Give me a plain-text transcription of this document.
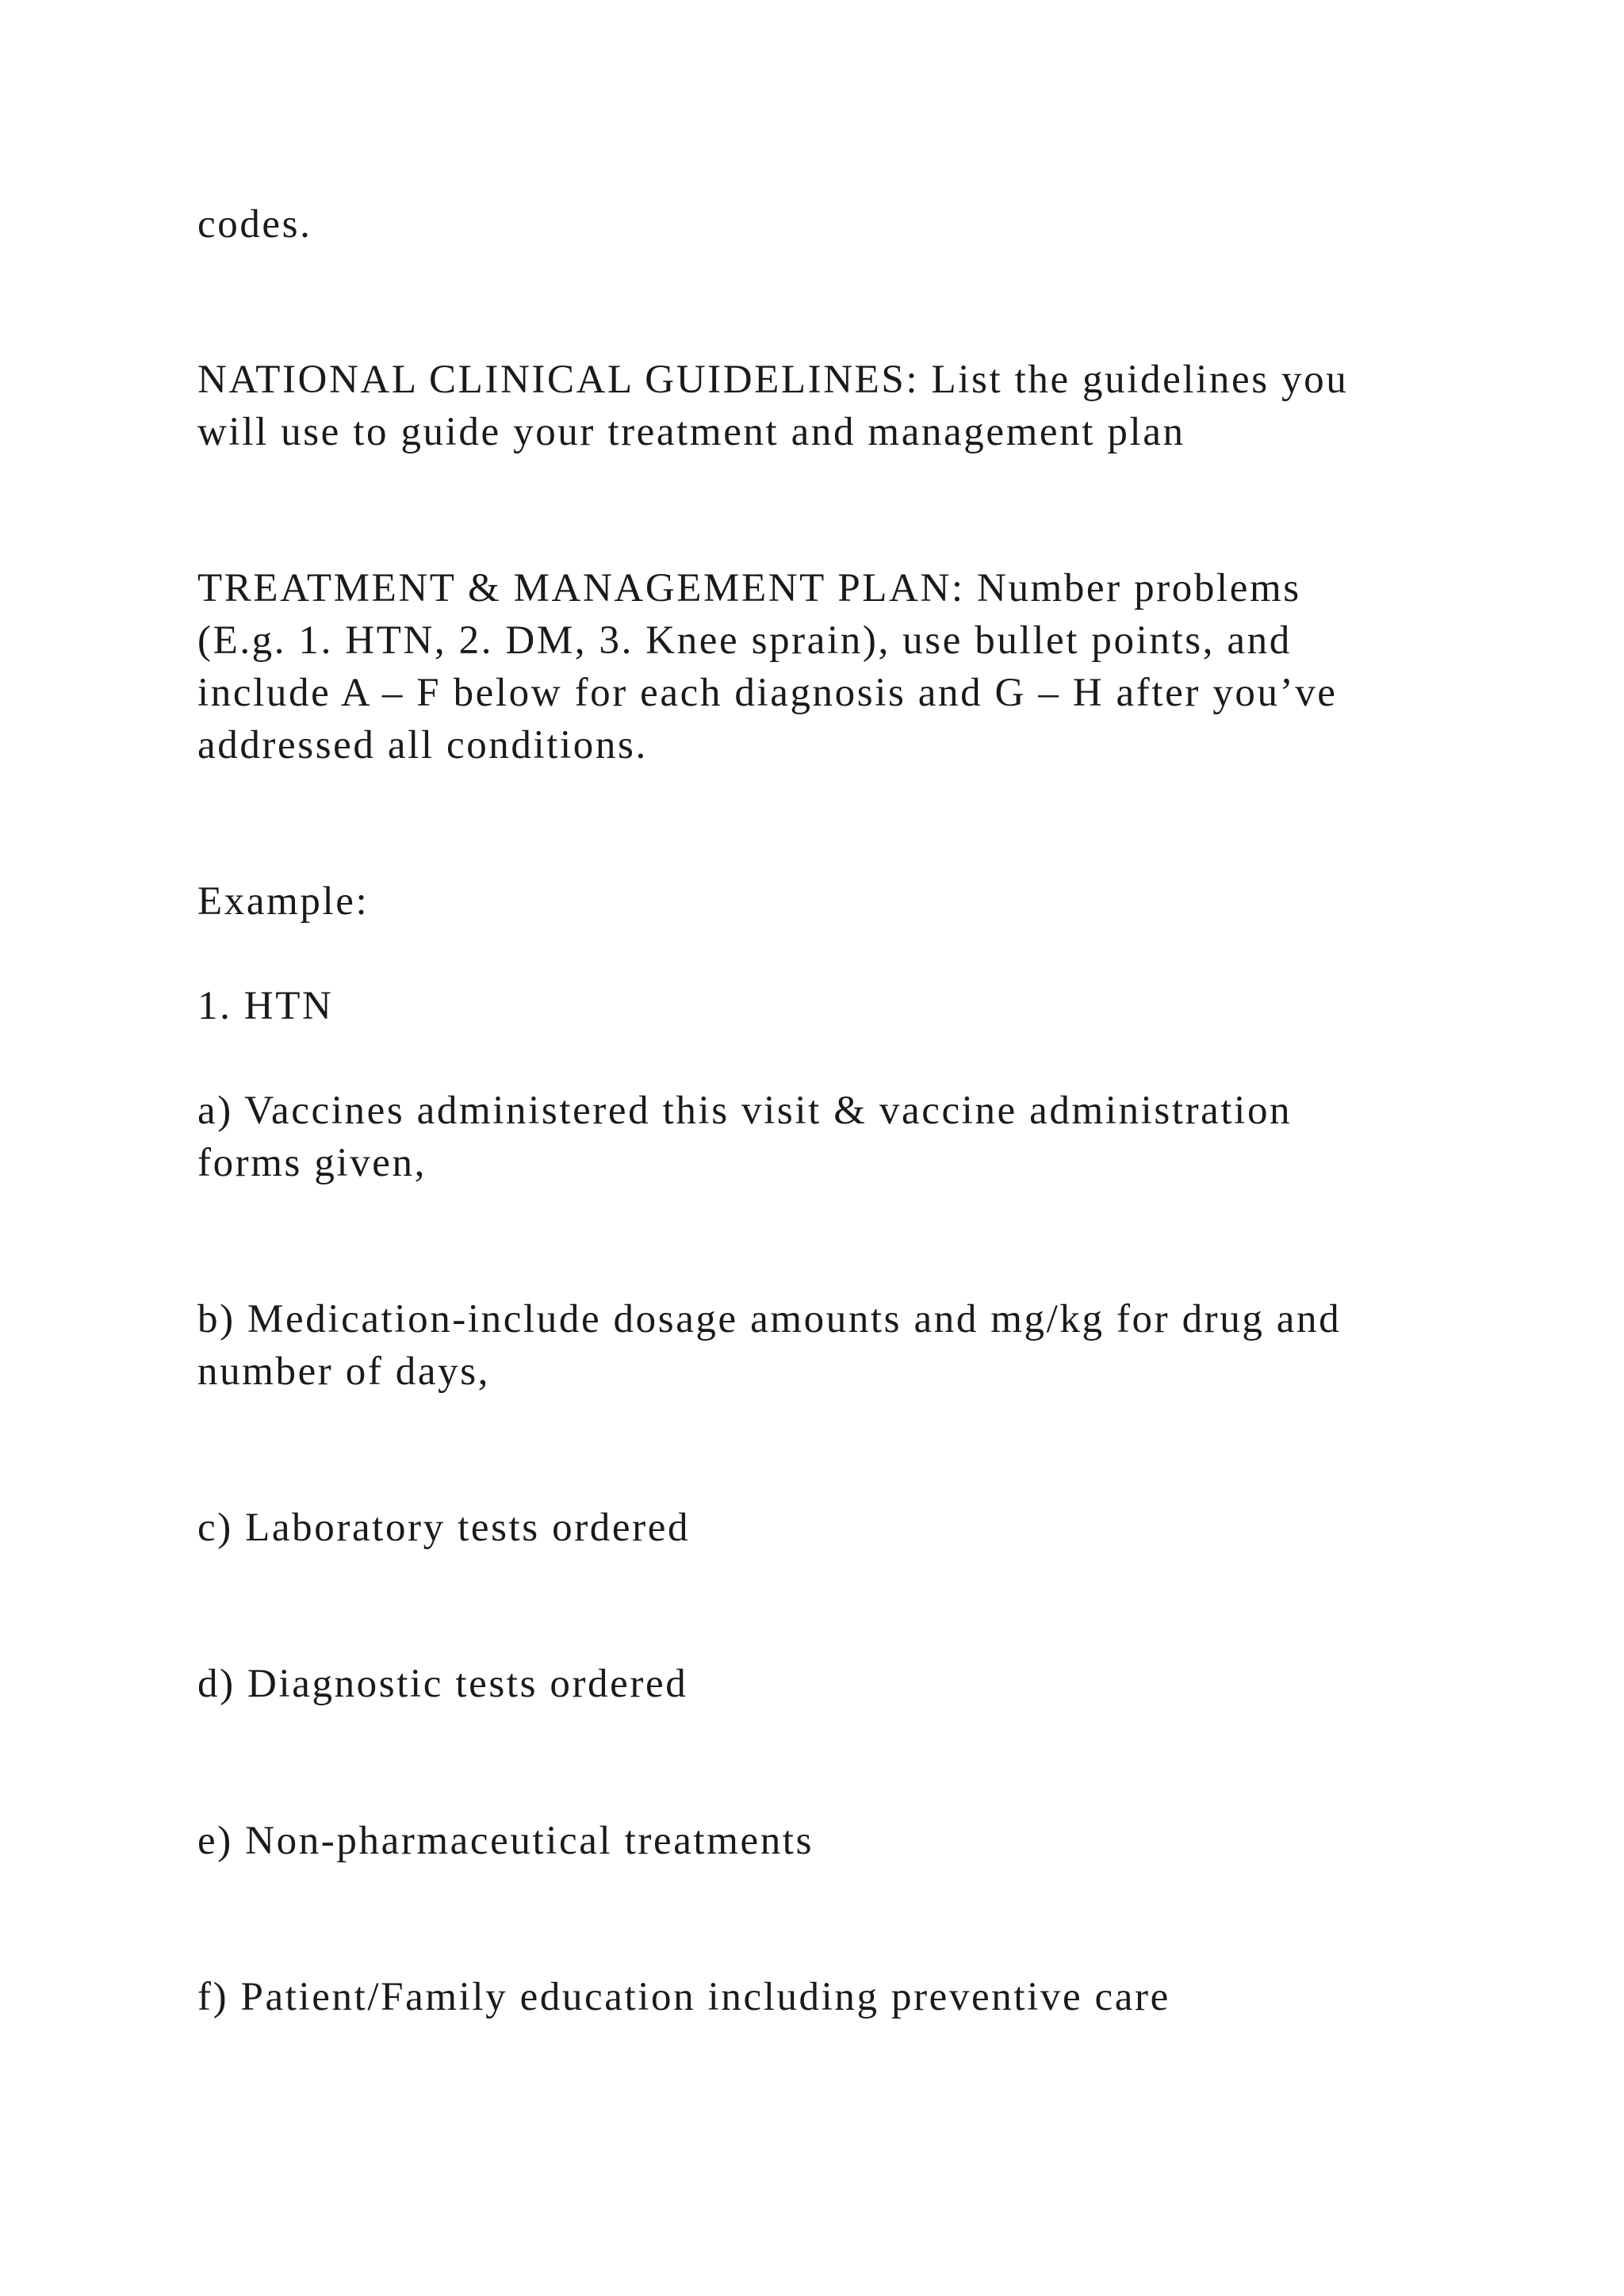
codes.

NATIONAL CLINICAL GUIDELINES: List the guidelines you

will use to guide your treatment and management plan

TREATMENT & MANAGEMENT PLAN: Number problems

(E.g. 1. HTN, 2. DM, 3. Knee sprain), use bullet points, and

include A – F below for each diagnosis and G – H after you’ve

addressed all conditions.

Example:

1. HTN

a) Vaccines administered this visit & vaccine administration

forms given,

b) Medication-include dosage amounts and mg/kg for drug and

number of days,

c) Laboratory tests ordered

d) Diagnostic tests ordered

e) Non-pharmaceutical treatments

f) Patient/Family education including preventive care
